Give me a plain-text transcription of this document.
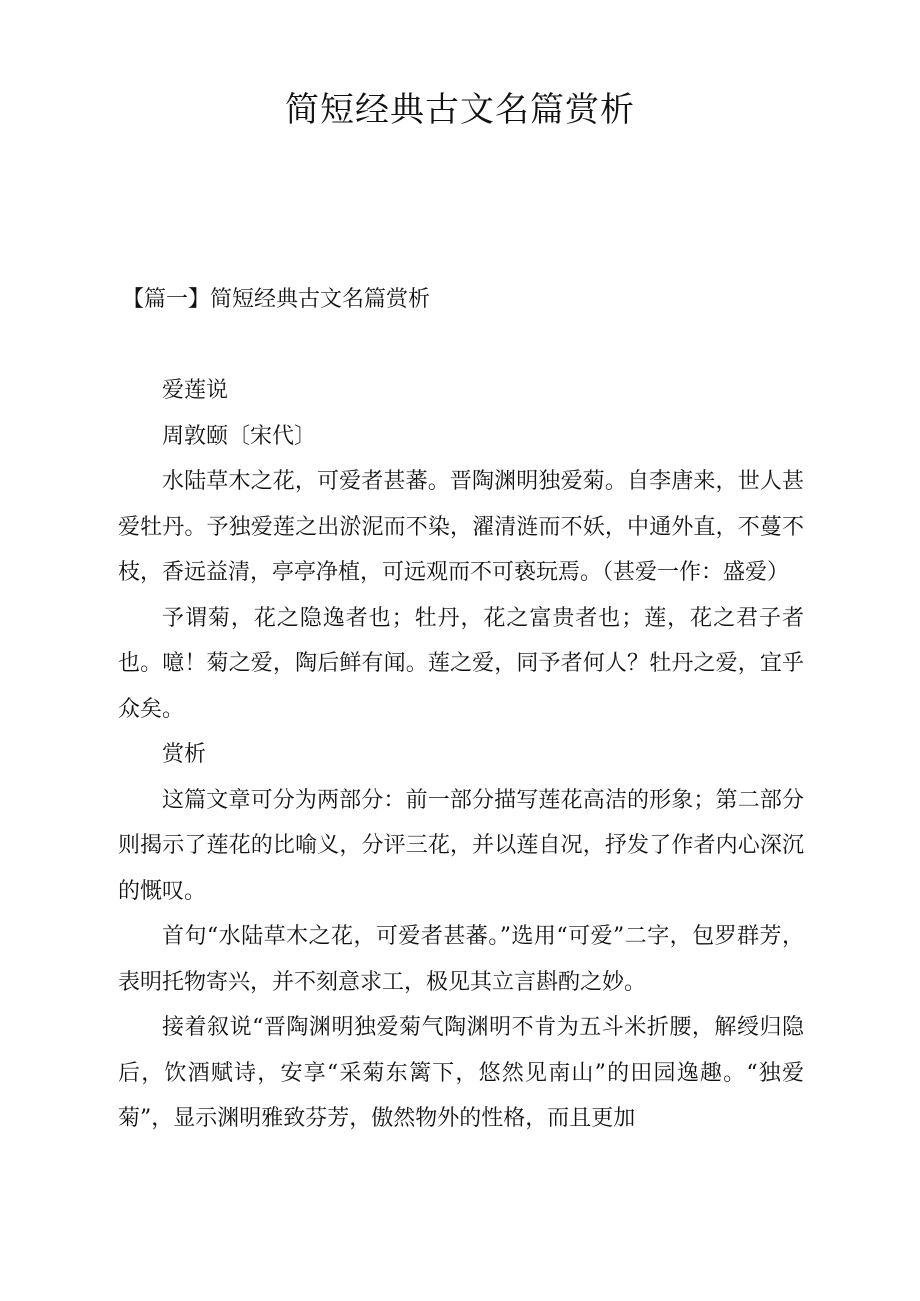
简短经典古文名篇赏析
【篇一】简短经典古文名篇赏析

爱莲说

周敦颐〔宋代〕

水陆草木之花，可爱者甚蕃。晋陶渊明独爱菊。自李唐来，世人甚爱牡丹。予独爱莲之出淤泥而不染，濯清涟而不妖，中通外直，不蔓不枝，香远益清，亭亭净植，可远观而不可亵玩焉。（甚爱一作：盛爱）

予谓菊，花之隐逸者也；牡丹，花之富贵者也；莲，花之君子者也。噫！菊之爱，陶后鲜有闻。莲之爱，同予者何人？牡丹之爱，宜乎众矣。

赏析

这篇文章可分为两部分：前一部分描写莲花高洁的形象；第二部分则揭示了莲花的比喻义，分评三花，并以莲自况，抒发了作者内心深沉的慨叹。

首句“水陆草木之花，可爱者甚蕃。”选用“可爱”二字，包罗群芳，表明托物寄兴，并不刻意求工，极见其立言斟酌之妙。

接着叙说“晋陶渊明独爱菊气陶渊明不肯为五斗米折腰，解绶归隐后，饮酒赋诗，安享“采菊东篱下，悠然见南山”的田园逸趣。“独爱菊”，显示渊明雅致芬芳，傲然物外的性格，而且更加
